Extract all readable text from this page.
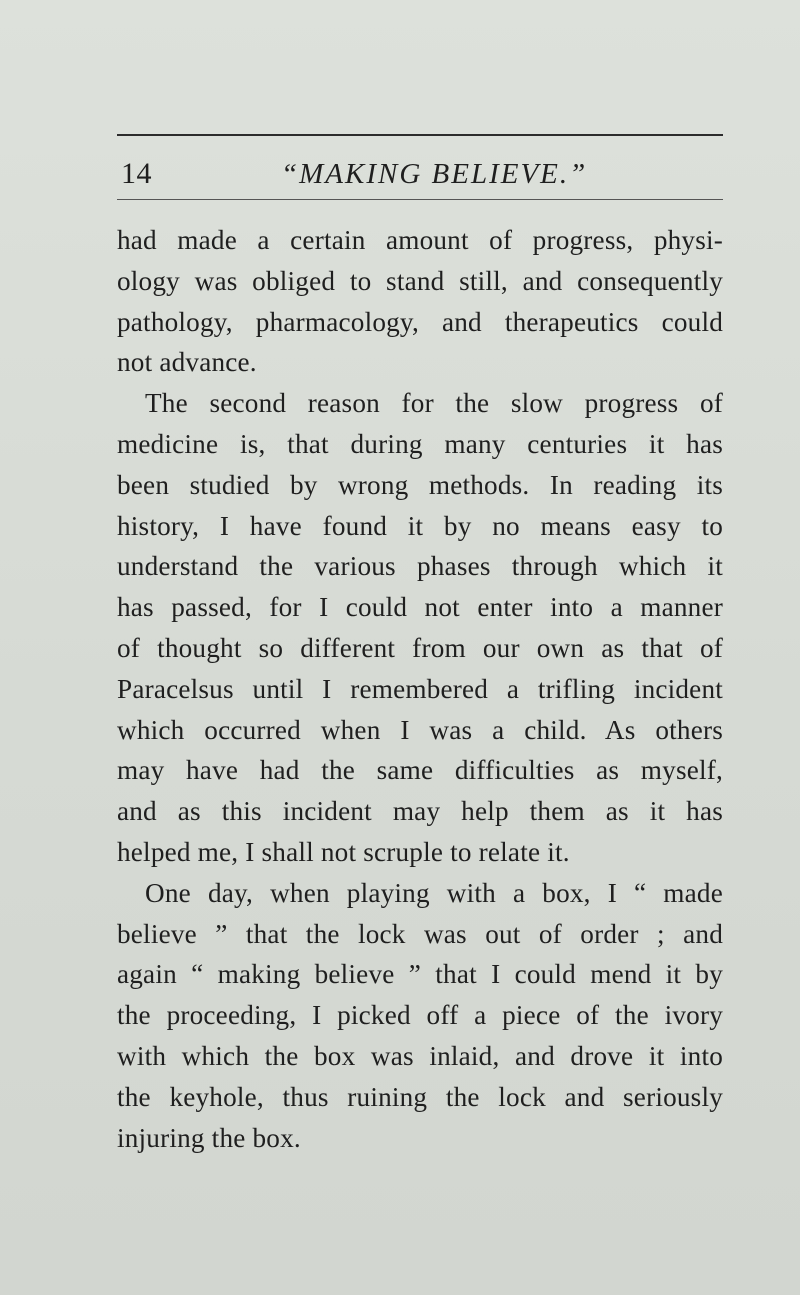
14	“MAKING BELIEVE.”
had made a certain amount of progress, physi-
ology was obliged to stand still, and consequently
pathology, pharmacology, and therapeutics could
not advance.
The second reason for the slow progress of
medicine is, that during many centuries it has
been studied by wrong methods. In reading its
history, I have found it by no means easy to
understand the various phases through which it
has passed, for I could not enter into a manner
of thought so different from our own as that of
Paracelsus until I remembered a trifling incident
which occurred when I was a child. As others
may have had the same difficulties as myself,
and as this incident may help them as it has
helped me, I shall not scruple to relate it.
One day, when playing with a box, I “ made
believe ” that the lock was out of order ; and
again “ making believe ” that I could mend it by
the proceeding, I picked off a piece of the ivory
with which the box was inlaid, and drove it into
the keyhole, thus ruining the lock and seriously
injuring the box.
